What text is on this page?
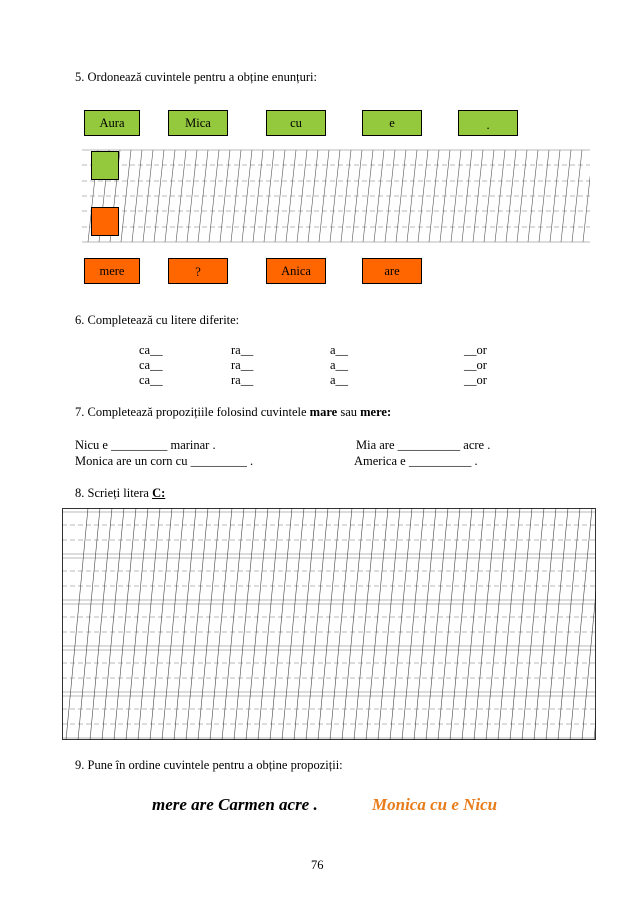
5. Ordonează cuvintele pentru a obține enunțuri:
Aura	Mica	cu	e	.
mere	?	Anica	are
6. Completează cu litere diferite:
ca__	ra__	a__	__or
ca__	ra__	a__	__or
ca__	ra__	a__	__or
7. Completează propozițiile folosind cuvintele mare sau mere:
Nicu e _________ marinar .
Monica are un corn cu _________ .
Mia are __________ acre .
America e __________ .
8. Scrieți litera C:
9. Pune în ordine cuvintele pentru a obține propoziții:
mere are Carmen acre .	Monica cu e Nicu
76
